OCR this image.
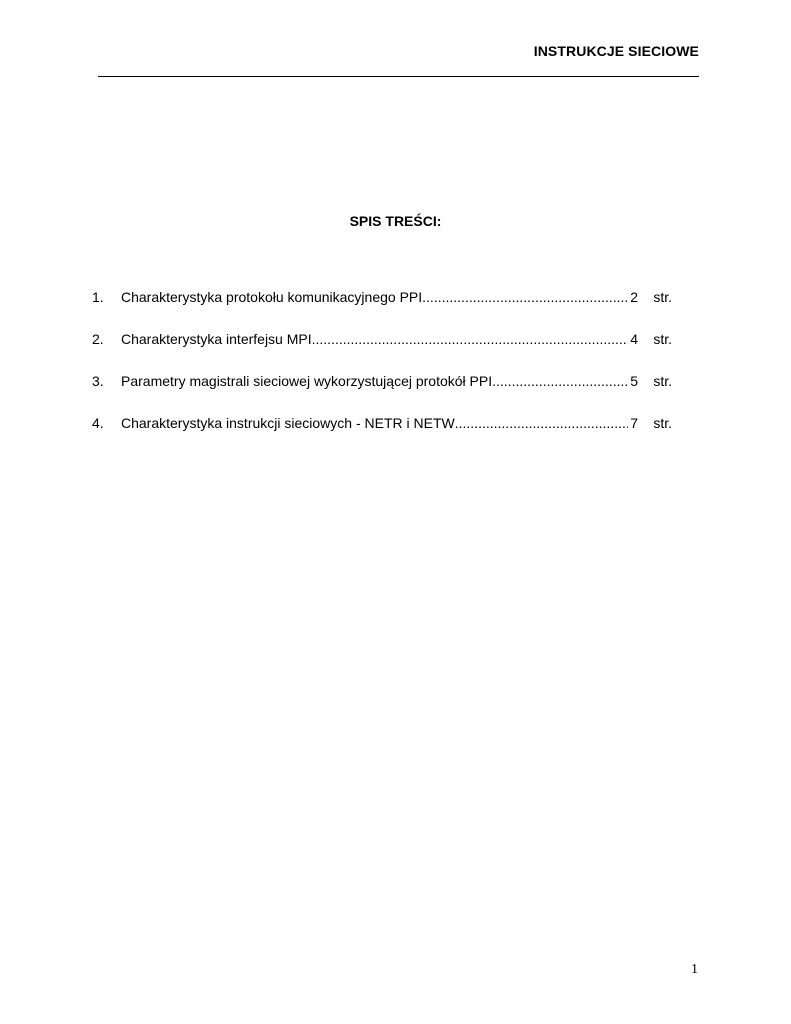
INSTRUKCJE SIECIOWE
SPIS TREŚCI:
1.	Charakterystyka protokołu komunikacyjnego PPI .....	2	str.
2.	Charakterystyka interfejsu MPI .....	4	str.
3.	Parametry magistrali sieciowej wykorzystującej protokół PPI .....	5	str.
4.	Charakterystyka instrukcji sieciowych - NETR i NETW .....	7	str.
1
